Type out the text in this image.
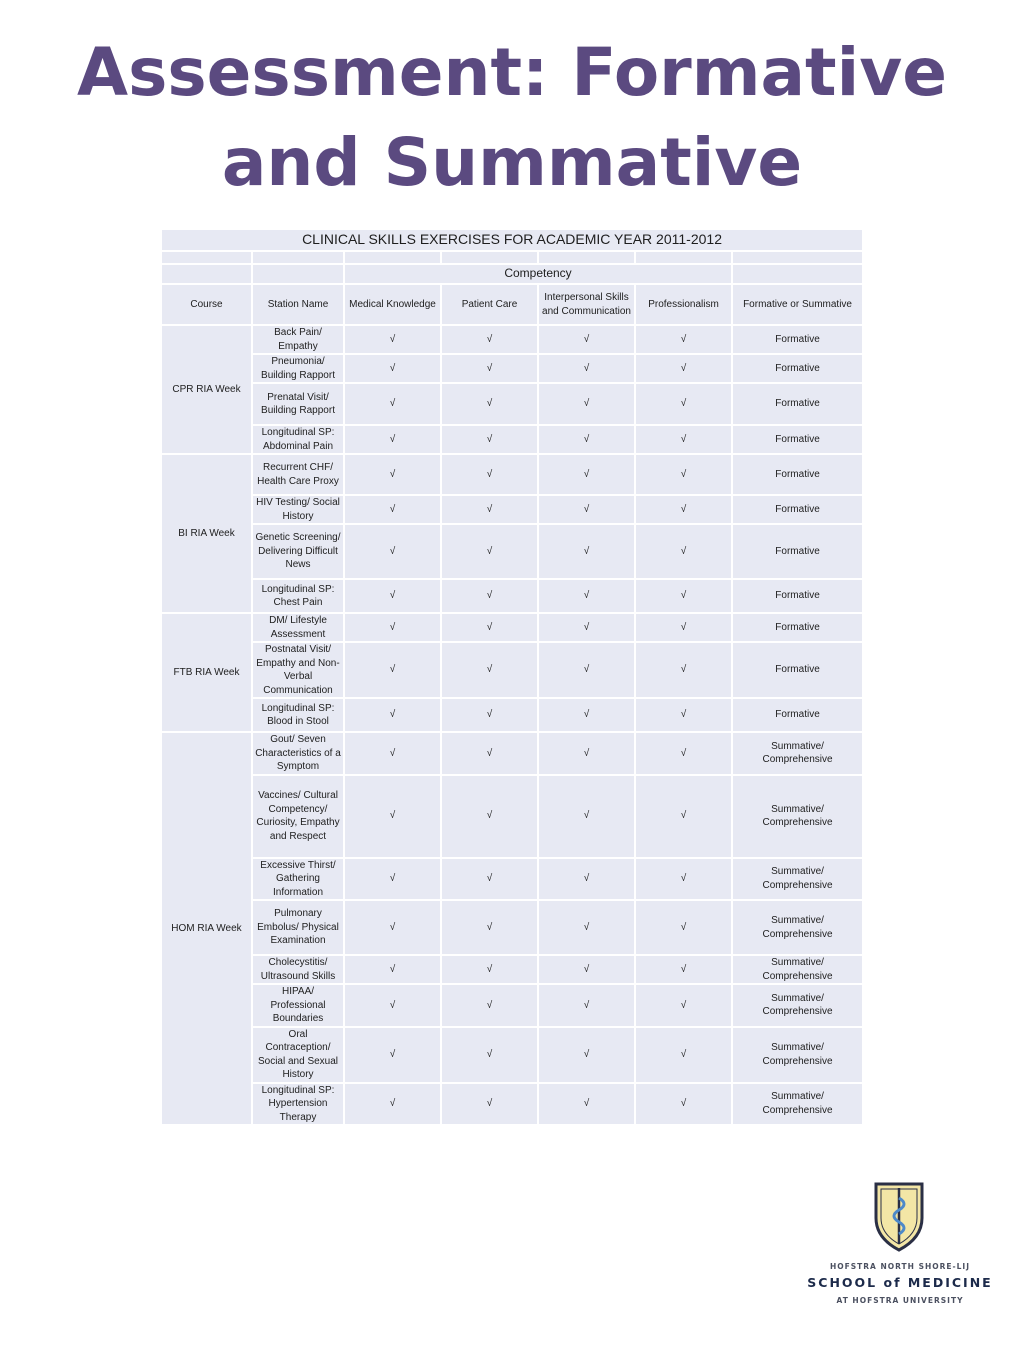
Assessment: Formative and Summative
CLINICAL SKILLS EXERCISES FOR ACADEMIC YEAR 2011-2012						

		Competency				
Course	Station Name	Medical Knowledge	Patient Care	Interpersonal Skills and Communication	Professionalism	Formative or Summative
CPR RIA Week	Back Pain/ Empathy	√	√	√	√	Formative
	Pneumonia/ Building Rapport	√	√	√	√	Formative
	Prenatal Visit/ Building Rapport	√	√	√	√	Formative
	Longitudinal SP: Abdominal Pain	√	√	√	√	Formative
BI RIA Week	Recurrent CHF/ Health Care Proxy	√	√	√	√	Formative
	HIV Testing/ Social History	√	√	√	√	Formative
	Genetic Screening/ Delivering Difficult News	√	√	√	√	Formative
	Longitudinal SP: Chest Pain	√	√	√	√	Formative
FTB RIA Week	DM/ Lifestyle Assessment	√	√	√	√	Formative
	Postnatal Visit/ Empathy and Non-Verbal Communication	√	√	√	√	Formative
	Longitudinal SP: Blood in Stool	√	√	√	√	Formative
HOM RIA Week	Gout/ Seven Characteristics of a Symptom	√	√	√	√	Summative/ Comprehensive
	Vaccines/ Cultural Competency/ Curiosity, Empathy and Respect	√	√	√	√	Summative/ Comprehensive
	Excessive Thirst/ Gathering Information	√	√	√	√	Summative/ Comprehensive
	Pulmonary Embolus/ Physical Examination	√	√	√	√	Summative/ Comprehensive
	Cholecystitis/ Ultrasound Skills	√	√	√	√	Summative/ Comprehensive
	HIPAA/ Professional Boundaries	√	√	√	√	Summative/ Comprehensive
	Oral Contraception/ Social and Sexual History	√	√	√	√	Summative/ Comprehensive
	Longitudinal SP: Hypertension Therapy	√	√	√	√	Summative/ Comprehensive
HOFSTRA NORTH SHORE-LIJ
SCHOOL of MEDICINE
AT HOFSTRA UNIVERSITY
